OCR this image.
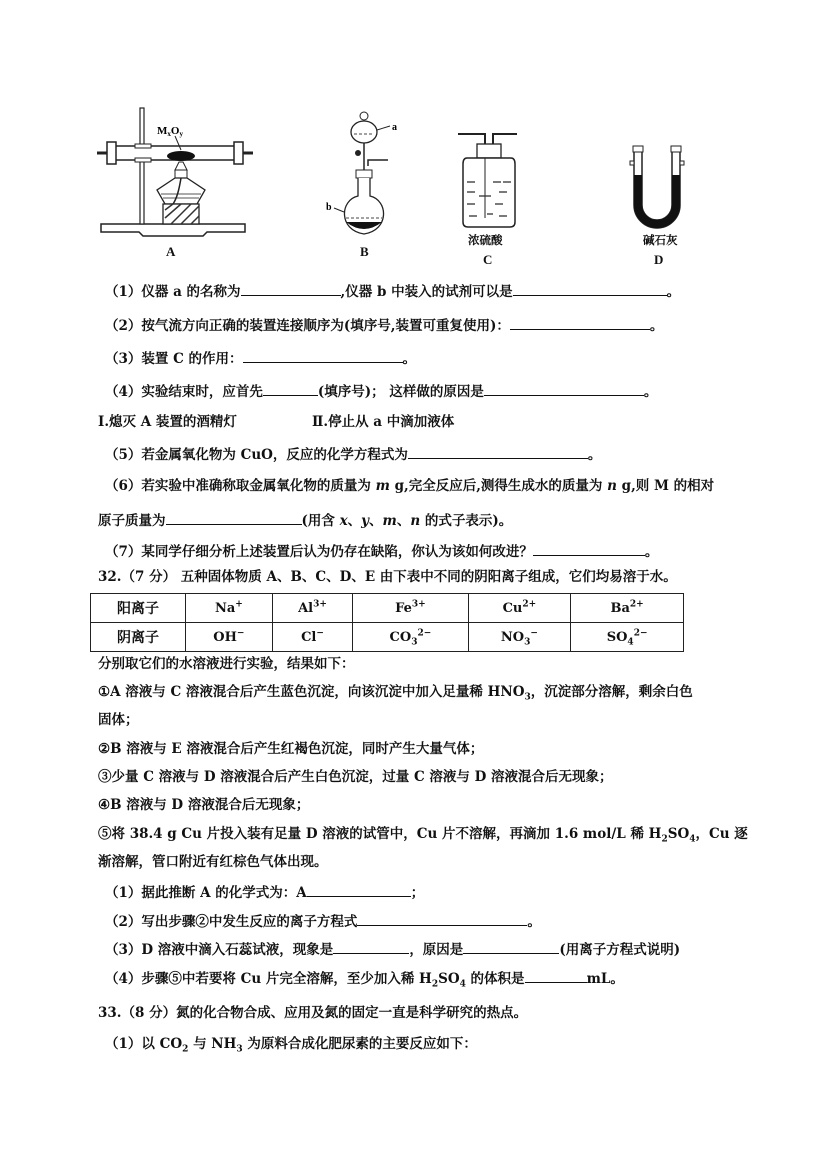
MxOy
A
a
b
B
浓硫酸
C
碱石灰
D
（1）仪器 a 的名称为	,仪器 b 中装入的试剂可以是	。
（2）按气流方向正确的装置连接顺序为(填序号,装置可重复使用)：	。
（3）装置 C 的作用：	。
（4）实验结束时，应首先	(填序号)； 这样做的原因是	。
Ⅰ.熄灭 A 装置的酒精灯	Ⅱ.停止从 a 中滴加液体
（5）若金属氧化物为 CuO，反应的化学方程式为	。
（6）若实验中准确称取金属氧化物的质量为 m g,完全反应后,测得生成水的质量为 n g,则 M 的相对
原子质量为	(用含 x、y、m、n 的式子表示)。
（7）某同学仔细分析上述装置后认为仍存在缺陷，你认为该如何改进？	。
32.（7 分） 五种固体物质 A、B、C、D、E 由下表中不同的阴阳离子组成，它们均易溶于水。
阳离子	Na+	$Al^{3+}$	$Fe^{3+}$	$Cu^{2+}$	$Ba^{2+}$
阴离子	OH−	Cl−	$CO_3^{2-}$	$NO_3^-$	$SO_4^{2-}$
分别取它们的水溶液进行实验，结果如下：
①A 溶液与 C 溶液混合后产生蓝色沉淀，向该沉淀中加入足量稀 $HNO_3$，沉淀部分溶解，剩余白色
固体；
②B 溶液与 E 溶液混合后产生红褐色沉淀，同时产生大量气体；
③少量 C 溶液与 D 溶液混合后产生白色沉淀，过量 C 溶液与 D 溶液混合后无现象；
④B 溶液与 D 溶液混合后无现象；
⑤将 38.4 g Cu 片投入装有足量 D 溶液的试管中，Cu 片不溶解，再滴加 1.6 mol/L 稀 $H_2SO_4$，Cu 逐
渐溶解，管口附近有红棕色气体出现。
（1）据此推断 A 的化学式为：A	；
（2）写出步骤②中发生反应的离子方程式	。
（3）D 溶液中滴入石蕊试液，现象是	，原因是	(用离子方程式说明)
（4）步骤⑤中若要将 Cu 片完全溶解，至少加入稀 $H_2SO_4$ 的体积是	mL。
33.（8 分）氮的化合物合成、应用及氮的固定一直是科学研究的热点。
（1）以 $CO_2$ 与 $NH_3$ 为原料合成化肥尿素的主要反应如下：
